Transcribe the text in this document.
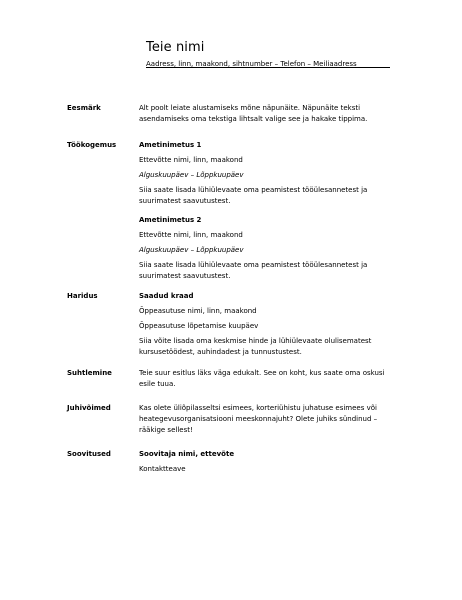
Teie nimi
Aadress, linn, maakond, sihtnumber – Telefon – Meiliaadress
Eesmärk	Alt poolt leiate alustamiseks mõne näpunäite. Näpunäite teksti asendamiseks oma tekstiga lihtsalt valige see ja hakake tippima.

Töökogemus	Ametinimetus 1

Ettevõtte nimi, linn, maakond

Alguskuupäev – Lõppkuupäev

Siia saate lisada lühiülevaate oma peamistest tööülesannetest ja suurimatest saavutustest.

Ametinimetus 2

Ettevõtte nimi, linn, maakond

Alguskuupäev – Lõppkuupäev

Siia saate lisada lühiülevaate oma peamistest tööülesannetest ja suurimatest saavutustest.

Haridus	Saadud kraad

Õppeasutuse nimi, linn, maakond

Õppeasutuse lõpetamise kuupäev

Siia võite lisada oma keskmise hinde ja lühiülevaate olulisematest kursusetöödest, auhindadest ja tunnustustest.

Suhtlemine	Teie suur esitlus läks väga edukalt. See on koht, kus saate oma oskusi esile tuua.

Juhivõimed	Kas olete üliõpilasseltsi esimees, korteriühistu juhatuse esimees või heategevusorganisatsiooni meeskonnajuht? Olete juhiks sündinud – rääkige sellest!

Soovitused	Soovitaja nimi, ettevõte

Kontaktteave
